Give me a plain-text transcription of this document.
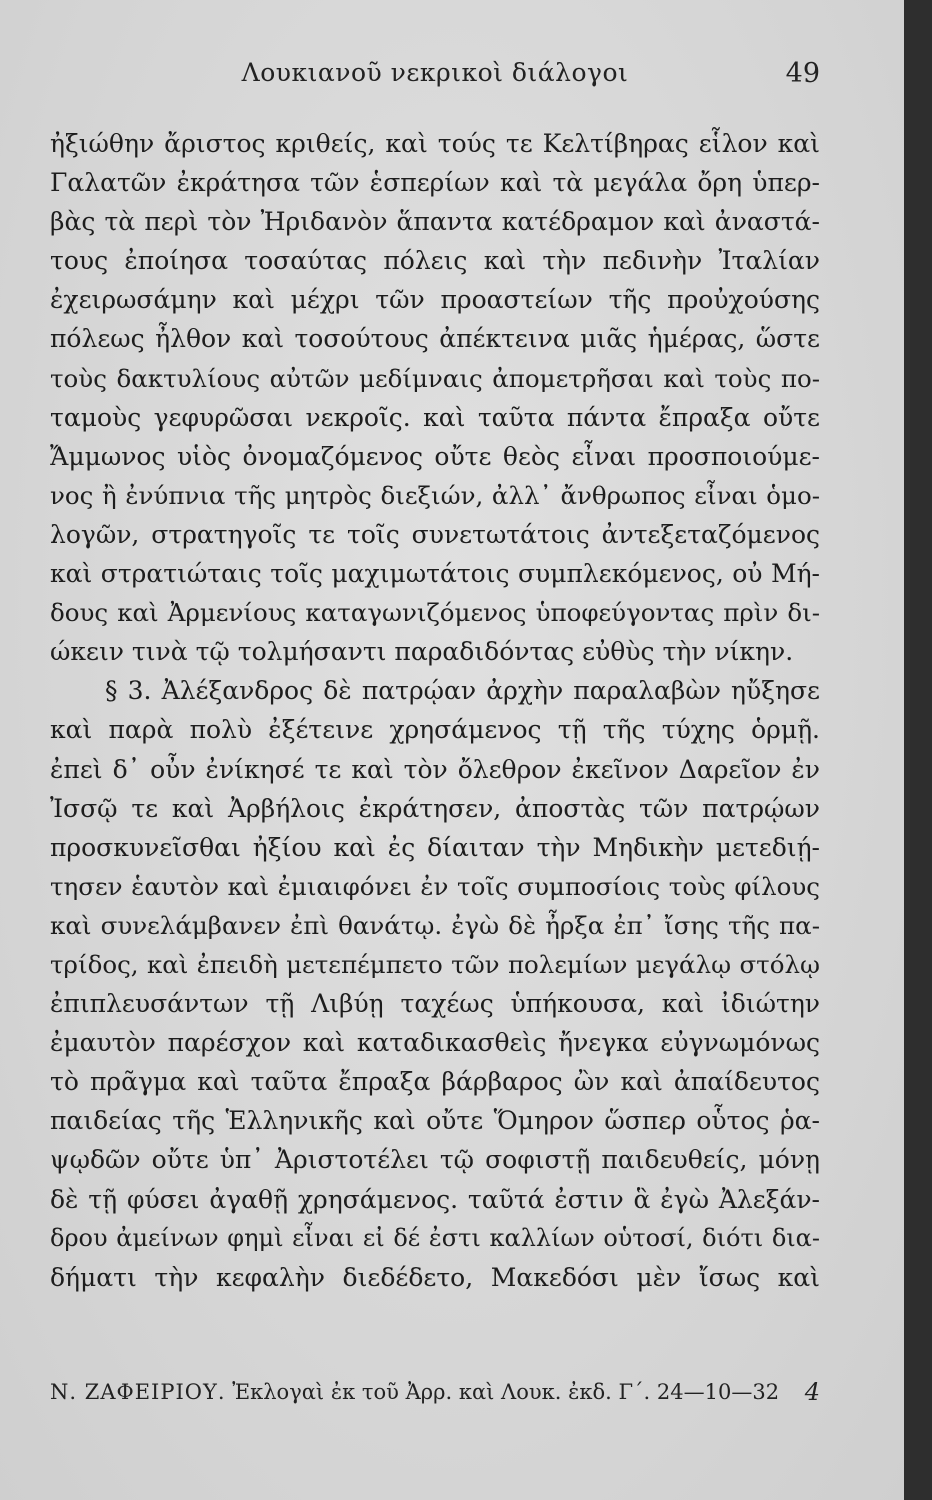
Λουκιανοῦ νεκρικοὶ διάλογοι	49
ἠξιώθην ἄριστος κριθείς, καὶ τούς τε Κελτίβηρας εἷλον καὶ
Γαλατῶν ἐκράτησα τῶν ἑσπερίων καὶ τὰ μεγάλα ὄρη ὑπερ-
βὰς τὰ περὶ τὸν Ἠριδανὸν ἅπαντα κατέδραμον καὶ ἀναστά-
τους ἐποίησα τοσαύτας πόλεις καὶ τὴν πεδινὴν Ἰταλίαν
ἐχειρωσάμην καὶ μέχρι τῶν προαστείων τῆς προὐχούσης
πόλεως ἦλθον καὶ τοσούτους ἀπέκτεινα μιᾶς ἡμέρας, ὥστε
τοὺς δακτυλίους αὐτῶν μεδίμναις ἀπομετρῆσαι καὶ τοὺς πο-
ταμοὺς γεφυρῶσαι νεκροῖς. καὶ ταῦτα πάντα ἔπραξα οὔτε
Ἄμμωνος υἱὸς ὀνομαζόμενος οὔτε θεὸς εἶναι προσποιούμε-
νος ἢ ἐνύπνια τῆς μητρὸς διεξιών, ἀλλ᾽ ἄνθρωπος εἶναι ὁμο-
λογῶν, στρατηγοῖς τε τοῖς συνετωτάτοις ἀντεξεταζόμενος
καὶ στρατιώταις τοῖς μαχιμωτάτοις συμπλεκόμενος, οὐ Μή-
δους καὶ Ἀρμενίους καταγωνιζόμενος ὑποφεύγοντας πρὶν δι-
ώκειν τινὰ τῷ τολμήσαντι παραδιδόντας εὐθὺς τὴν νίκην.
§ 3. Ἀλέξανδρος δὲ πατρῴαν ἀρχὴν παραλαβὼν ηὔξησε
καὶ παρὰ πολὺ ἐξέτεινε χρησάμενος τῇ τῆς τύχης ὁρμῇ.
ἐπεὶ δ᾽ οὖν ἐνίκησέ τε καὶ τὸν ὄλεθρον ἐκεῖνον Δαρεῖον ἐν
Ἰσσῷ τε καὶ Ἀρβήλοις ἐκράτησεν, ἀποστὰς τῶν πατρῴων
προσκυνεῖσθαι ἠξίου καὶ ἐς δίαιταν τὴν Μηδικὴν μετεδιῄ-
τησεν ἑαυτὸν καὶ ἐμιαιφόνει ἐν τοῖς συμποσίοις τοὺς φίλους
καὶ συνελάμβανεν ἐπὶ θανάτῳ. ἐγὼ δὲ ἦρξα ἐπ᾽ ἴσης τῆς πα-
τρίδος, καὶ ἐπειδὴ μετεπέμπετο τῶν πολεμίων μεγάλῳ στόλῳ
ἐπιπλευσάντων τῇ Λιβύῃ ταχέως ὑπήκουσα, καὶ ἰδιώτην
ἐμαυτὸν παρέσχον καὶ καταδικασθεὶς ἤνεγκα εὐγνωμόνως
τὸ πρᾶγμα καὶ ταῦτα ἔπραξα βάρβαρος ὢν καὶ ἀπαίδευτος
παιδείας τῆς Ἑλληνικῆς καὶ οὔτε Ὅμηρον ὥσπερ οὗτος ῥα-
ψῳδῶν οὔτε ὑπ᾽ Ἀριστοτέλει τῷ σοφιστῇ παιδευθείς, μόνῃ
δὲ τῇ φύσει ἀγαθῇ χρησάμενος. ταῦτά ἐστιν ἃ ἐγὼ Ἀλεξάν-
δρου ἀμείνων φημὶ εἶναι εἰ δέ ἐστι καλλίων οὑτοσί, διότι δια-
δήματι τὴν κεφαλὴν διεδέδετο, Μακεδόσι μὲν ἴσως καὶ
Ν. ΖΑΦΕΙΡΙΟΥ. Ἐκλογαὶ ἐκ τοῦ Ἀρρ. καὶ Λουκ. ἐκδ. Γ΄. 24—10—32 4
